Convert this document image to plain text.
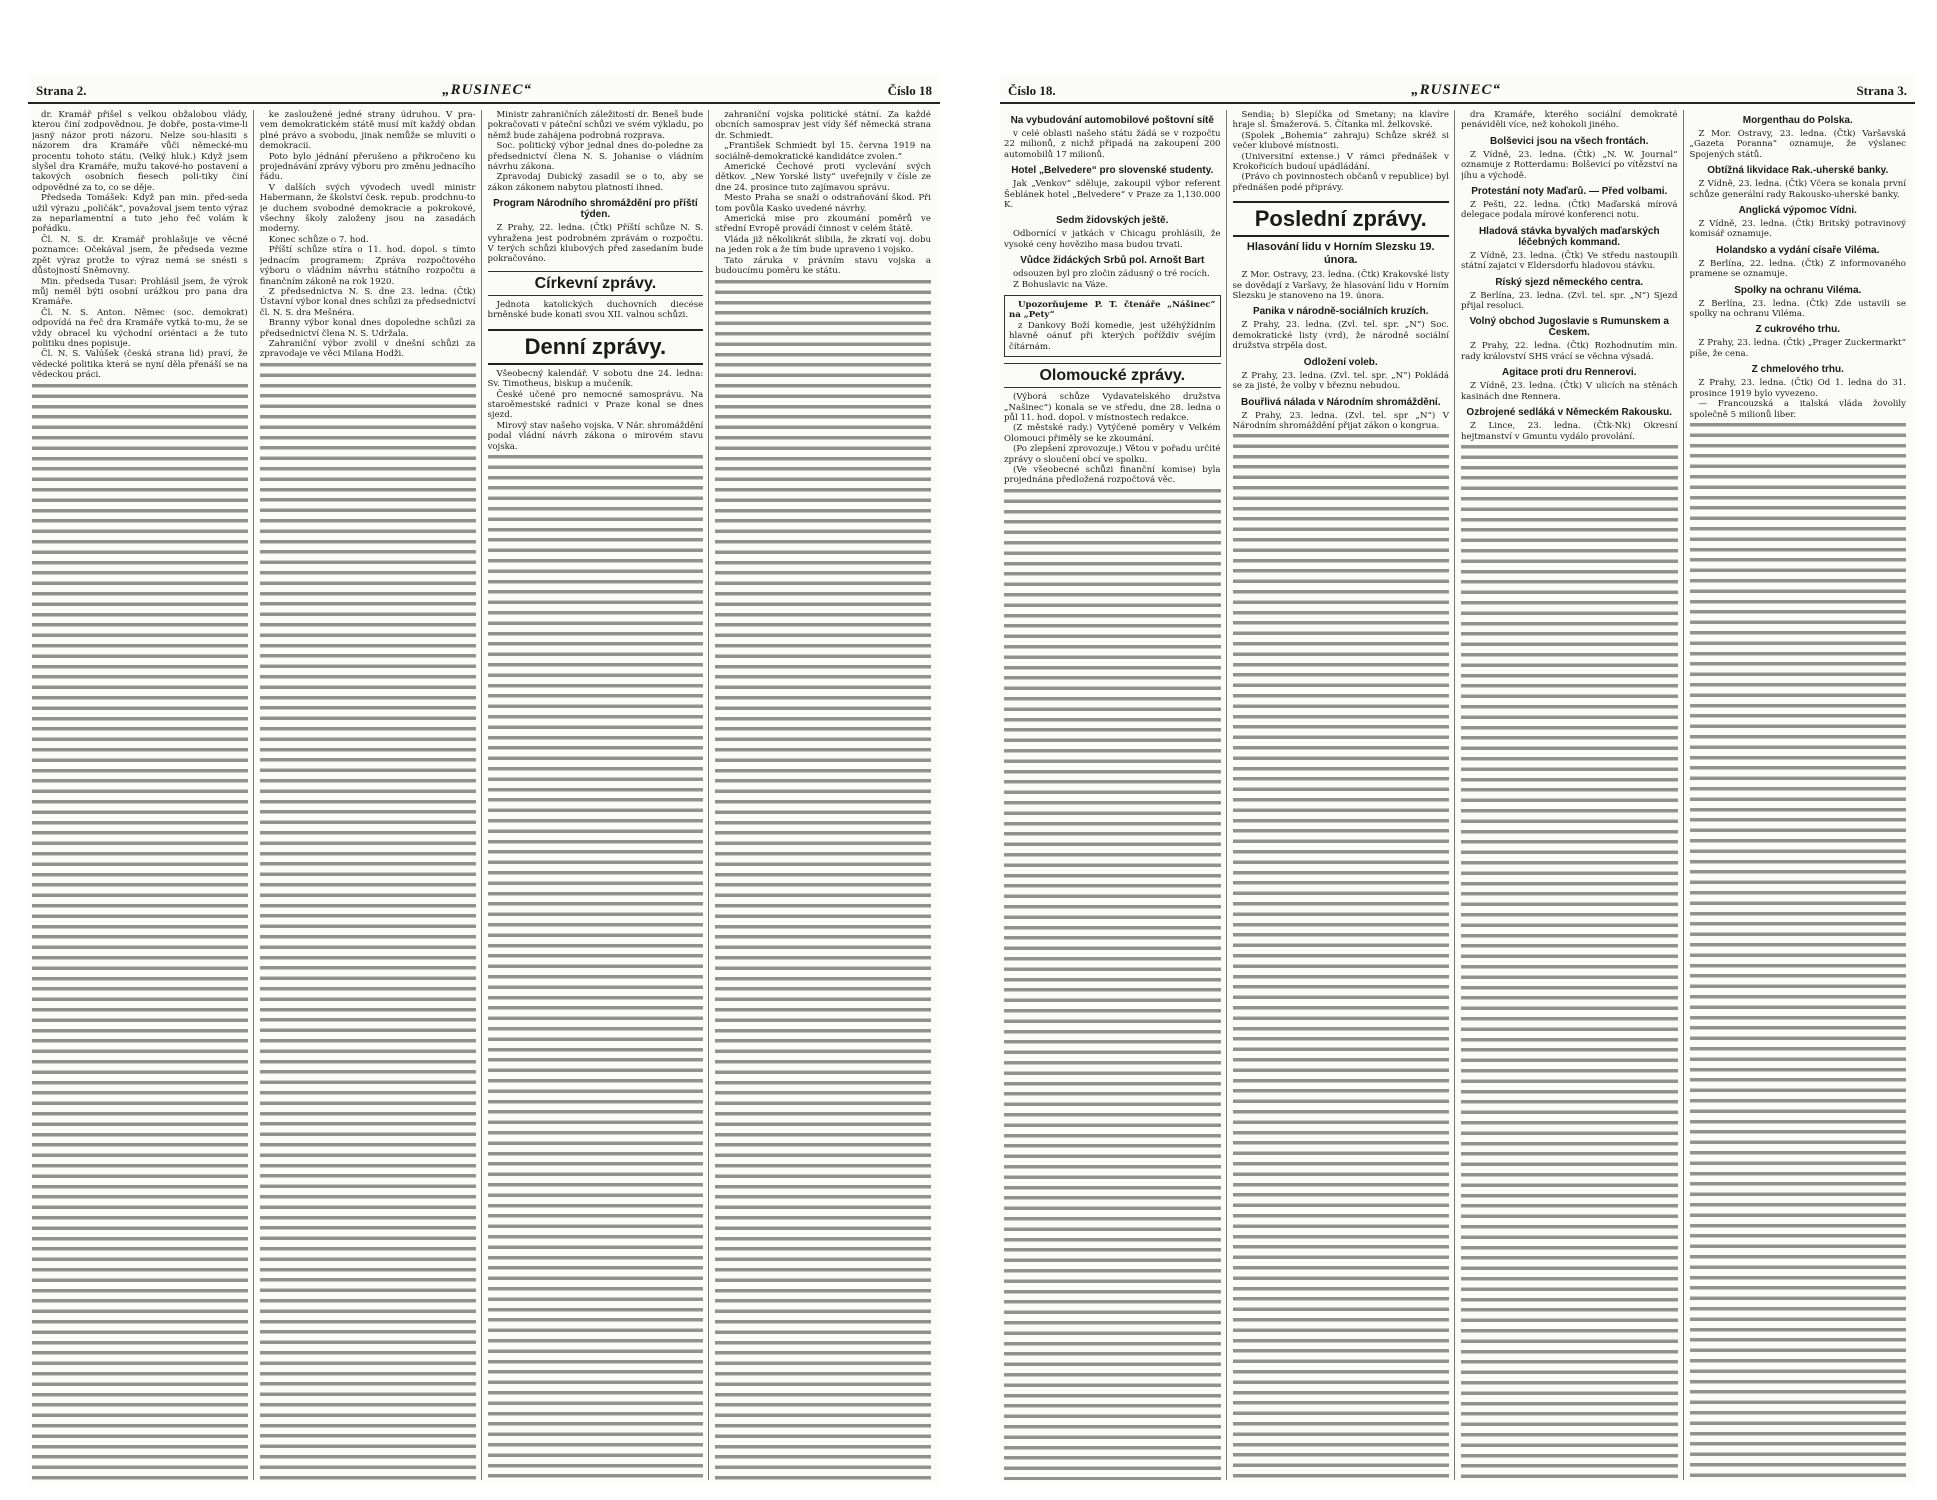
Strana 2.	„RUSINEC“	Číslo 18

dr. Kramář přišel s velkou obžalobou vlády, kterou činí zodpovědnou. Je dobře, posta-vime-li jasný názor proti názoru. Nelze sou-hlasiti s názorem dra Kramáře vůči německé-mu procentu tohoto státu. (Velký hluk.) Když jsem slyšel dra Kramáře, mužu takové-ho postavení a takových osobních fiesech poli-tiky činí odpovědné za to, co se děje.

Předseda Tomášek: Když pan min. před-seda užil výrazu „poličák“, považoval jsem tento výraz za neparlamentní a tuto jeho řeč volám k pořádku.

Čl. N. S. dr. Kramář prohlašuje ve věcné poznamce: Očekával jsem, že předseda vezme zpět výraz protže to výraz nemá se snésti s důstojností Sněmovny.

Min. předseda Tusar: Prohlásil jsem, že výrok můj neměl býti osobní urážkou pro pana dra Kramáře.

Čl. N. S. Anton. Němec (soc. demokrat) odpovídá na řeč dra Kramáře vytká to-mu, že se vždy obracel ku východní oriéntaci a že tuto politiku dnes popisuje.

Čl. N. S. Valúšek (česká strana lid) praví, že vědecké politika která se nyní děla přenáší se na vědeckou práci.

ke zasloužené jedné strany údruhou. V pra-vem demokratickém státě musí mít každý obdan plné právo a svobodu, jinak nemůže se mluviti o demokracii.

Poto bylo jédnání přerušeno a přikročeno ku projednávání zprávy výboru pro změnu jednacího řádu.

V dalších svých vývodech uvedl ministr Habermann, že školství česk. repub. prodchnu-to je duchem svobodné demokracie a pokrokové, všechny školy založeny jsou na zasadách moderny.

Konec schůze o 7. hod.

Příští schůze stíra o 11. hod. dopol. s tímto jednacím programem: Zpráva rozpočtového výboru o vládním návrhu státního rozpočtu a finančním zákoně na rok 1920.

Z předsednictva N. S. dne 23. ledna. (Čtk) Ústavní výbor konal dnes schůzi za předsednictví čl. N. S. dra Mešnéra.

Branny výbor konal dnes dopoledne schůzi za předsednictví člena N. S. Udržala.

Zahraniční výbor zvolil v dnešní schůzi za zpravodaje ve věci Milana Hodži.

Ministr zahraničních záležitostí dr. Beneš bude pokračovati v páteční schůzi ve svém výkladu, po němž bude zahájena podrobná rozprava.

Soc. politický výbor jednal dnes do-poledne za předsednictví člena N. S. Johanise o vládním návrhu zákona.

Zpravodaj Dubický zasadil se o to, aby se zákon zákonem nabytou platností ihned.

Program Národního shromáždění pro příští týden.

Z Prahy, 22. ledna. (Čtk) Příští schůze N. S. vyhražena jest podrobném zprávám o rozpočtu. V terých schůzi klubových před zasedaním bude pokračováno.

Církevní zprávy.

Jednota katolických duchovních diecése brněnské bude konati svou XII. valnou schůzi.

Denní zprávy.

Všeobecný kalendář. V sobotu dne 24. ledna: Sv. Timotheus, biskup a mučeník.

České učené pro nemocné samosprávu. Na staroěmestské radnici v Praze konal se dnes sjezd.

Mirový stav našeho vojska. V Nár. shromáždění podal vládní návrh zákona o mirovém stavu vojska.

zahraniční vojska politické státní. Za každé obcních samosprav jest vídy šéf německá strana dr. Schmiedt.

„František Schmiedt byl 15. června 1919 na sociálně-demokratické kandidátce zvolen.“

Americké Čechové proti vyclevání svých dětkov. „New Yorské listy“ uveřejnily v čísle ze dne 24. prosince tuto zajímavou správu.

Mesto Praha se snaží o odstraňování škod. Při tom povůla Kasko uvedené návrhy.

Americká mise pro zkoumání poměrů ve střední Evropě provádí činnost v celém štátě.

Vláda již několikrát slibila, že zkratí voj. dobu na jeden rok a že tím bude upraveno i vojsko.

Tato záruka v právním stavu vojska a budoucímu poměru ke státu.

Číslo 18.	„RUSINEC“	Strana 3.
Na vybudování automobilové poštovní sítě

v celé oblasti našeho státu žádá se v rozpočtu 22 milionů, z nichž připadá na zakoupení 200 automobilů 17 milionů.

Hotel „Belvedere“ pro slovenské studenty.

Jak „Venkov“ sděluje, zakoupil výbor referent Šeblánek hotel „Belvedere“ v Praze za 1,130.000 K.

Sedm židovských ještě.

Odbornící v jatkách v Chicagu prohlásili, že vysoké ceny hověziho masa budou trvati.

Vůdce židáckých Srbů pol. Arnošt Bart

odsouzen byl pro zločin zádusný o tré rocích.

Z Bohuslavic na Váze.

Upozorňujeme P. T. čtenáře „Nášinec“ na „Pety“

z Dankovy Boží komedie, jest užéhýžídním hlavně oánuť při kterých poříždiv svéjím čítárnám.

Olomoucké zprávy.

(Výborá schůze Vydavatelského družstva „Našinec“) konala se ve středu, dne 28. ledna o půl 11. hod. dopol. v místnostech redakce.

(Z městské rady.) Vytýčené poměry v Velkém Olomouci přiměly se ke zkoumání.

(Po zlepšení zprovozuje.) Větou v pořadu určité zprávy o sloučení obcí ve spolku.

(Ve všeobecné schůzi finanční komise) byla projednána předložená rozpočtová věc.

Sendia; b) Slepíčka od Smetany; na klavíre hraje sl. Šmažerová. 5. Čítanka ml. želkovské.

(Spolek „Bohemia“ zahraju) Schůze skréž si večer klubové místnosti.

(Universitní extense.) V rámci přednášek v Krokořicích budouí upádládání.

(Právo ch povinnostech občanů v republice) byl přednášen podé připrávy.

Poslední zprávy.
Hlasování lidu v Horním Slezsku 19. února.

Z Mor. Ostravy, 23. ledna. (Čtk) Krakovské listy se dovědají z Varšavy, že hlasování lidu v Horním Slezsku je stanoveno na 19. února.

Panika v národně-sociálních kruzích.

Z Prahy, 23. ledna. (Zvl. tel. spr. „N“) Soc. demokratické listy (vrd), že národně sociální družstva strpěla dost.

Odložení voleb.

Z Prahy, 23. ledna. (Zvl. tel. spr. „N“) Pokládá se za jisté, že volby v březnu nebudou.

Bouřlivá nálada v Národním shromáždění.

Z Prahy, 23. ledna. (Zvl. tel. spr „N“) V Národním shromáždění přijat zákon o kongrua.

dra Kramáře, kterého sociální demokraté penáviděli více, než kohokoli jiného.

Bolševici jsou na všech frontách.

Z Vídně, 23. ledna. (Čtk) „N. W. Journal“ oznamuje z Rotterdamu: Bolševicí po vítězství na jíhu a východě.

Protestání noty Maďarů. — Před volbami.

Z Pešti, 22. ledna. (Čtk) Maďarská mírová delegace podala mírové konferenci notu.

Hladová stávka byvalých maďarských léčebných kommand.

Z Vídně, 23. ledna. (Čtk) Ve středu nastoupili státní zajatci v Eldersdorfu hladovou stávku.

Ríský sjezd německého centra.

Z Berlína, 23. ledna. (Zvl. tel. spr. „N“) Sjezd přijal resoluci.

Volný obchod Jugoslavie s Rumunskem a Českem.

Z Prahy, 22. ledna. (Čtk) Rozhodnutím min. rady království SHS vrácí se věchna výsadá.

Agitace proti dru Rennerovi.

Z Vídně, 23. ledna. (Čtk) V ulicích na stěnách kasinách dne Rennera.

Ozbrojené sedláká v Německém Rakousku.

Z Lince, 23. ledna. (Čtk-Nk) Okresní hejtmanství v Gmuntu vydálo provolání.

Morgenthau do Polska.

Z Mor. Ostravy, 23. ledna. (Čtk) Varšavská „Gazeta Poranna“ oznamuje, že výslanec Spojených států.

Obtížná likvidace Rak.-uherské banky.

Z Vídně, 23. ledna. (Čtk) Včera se konala první schůze generální rady Rakousko-uherské banky.

Anglická výpomoc Vídni.

Z Vídně, 23. ledna. (Čtk) Britský potravinový komisář oznamuje.

Holandsko a vydání císaře Viléma.

Z Berlína, 22. ledna. (Čtk) Z informovaného pramene se oznamuje.

Spolky na ochranu Viléma.

Z Berlína, 23. ledna. (Čtk) Zde ustavili se spolky na ochranu Viléma.

Z cukrového trhu.

Z Prahy, 23. ledna. (Čtk) „Prager Zuckermarkt“ píše, že cena.

Z chmelového trhu.

Z Prahy, 23. ledna. (Čtk) Od 1. ledna do 31. prosince 1919 bylo vyvezeno.

— Francouzská a italská vláda žovolily společně 5 milionů liber.
